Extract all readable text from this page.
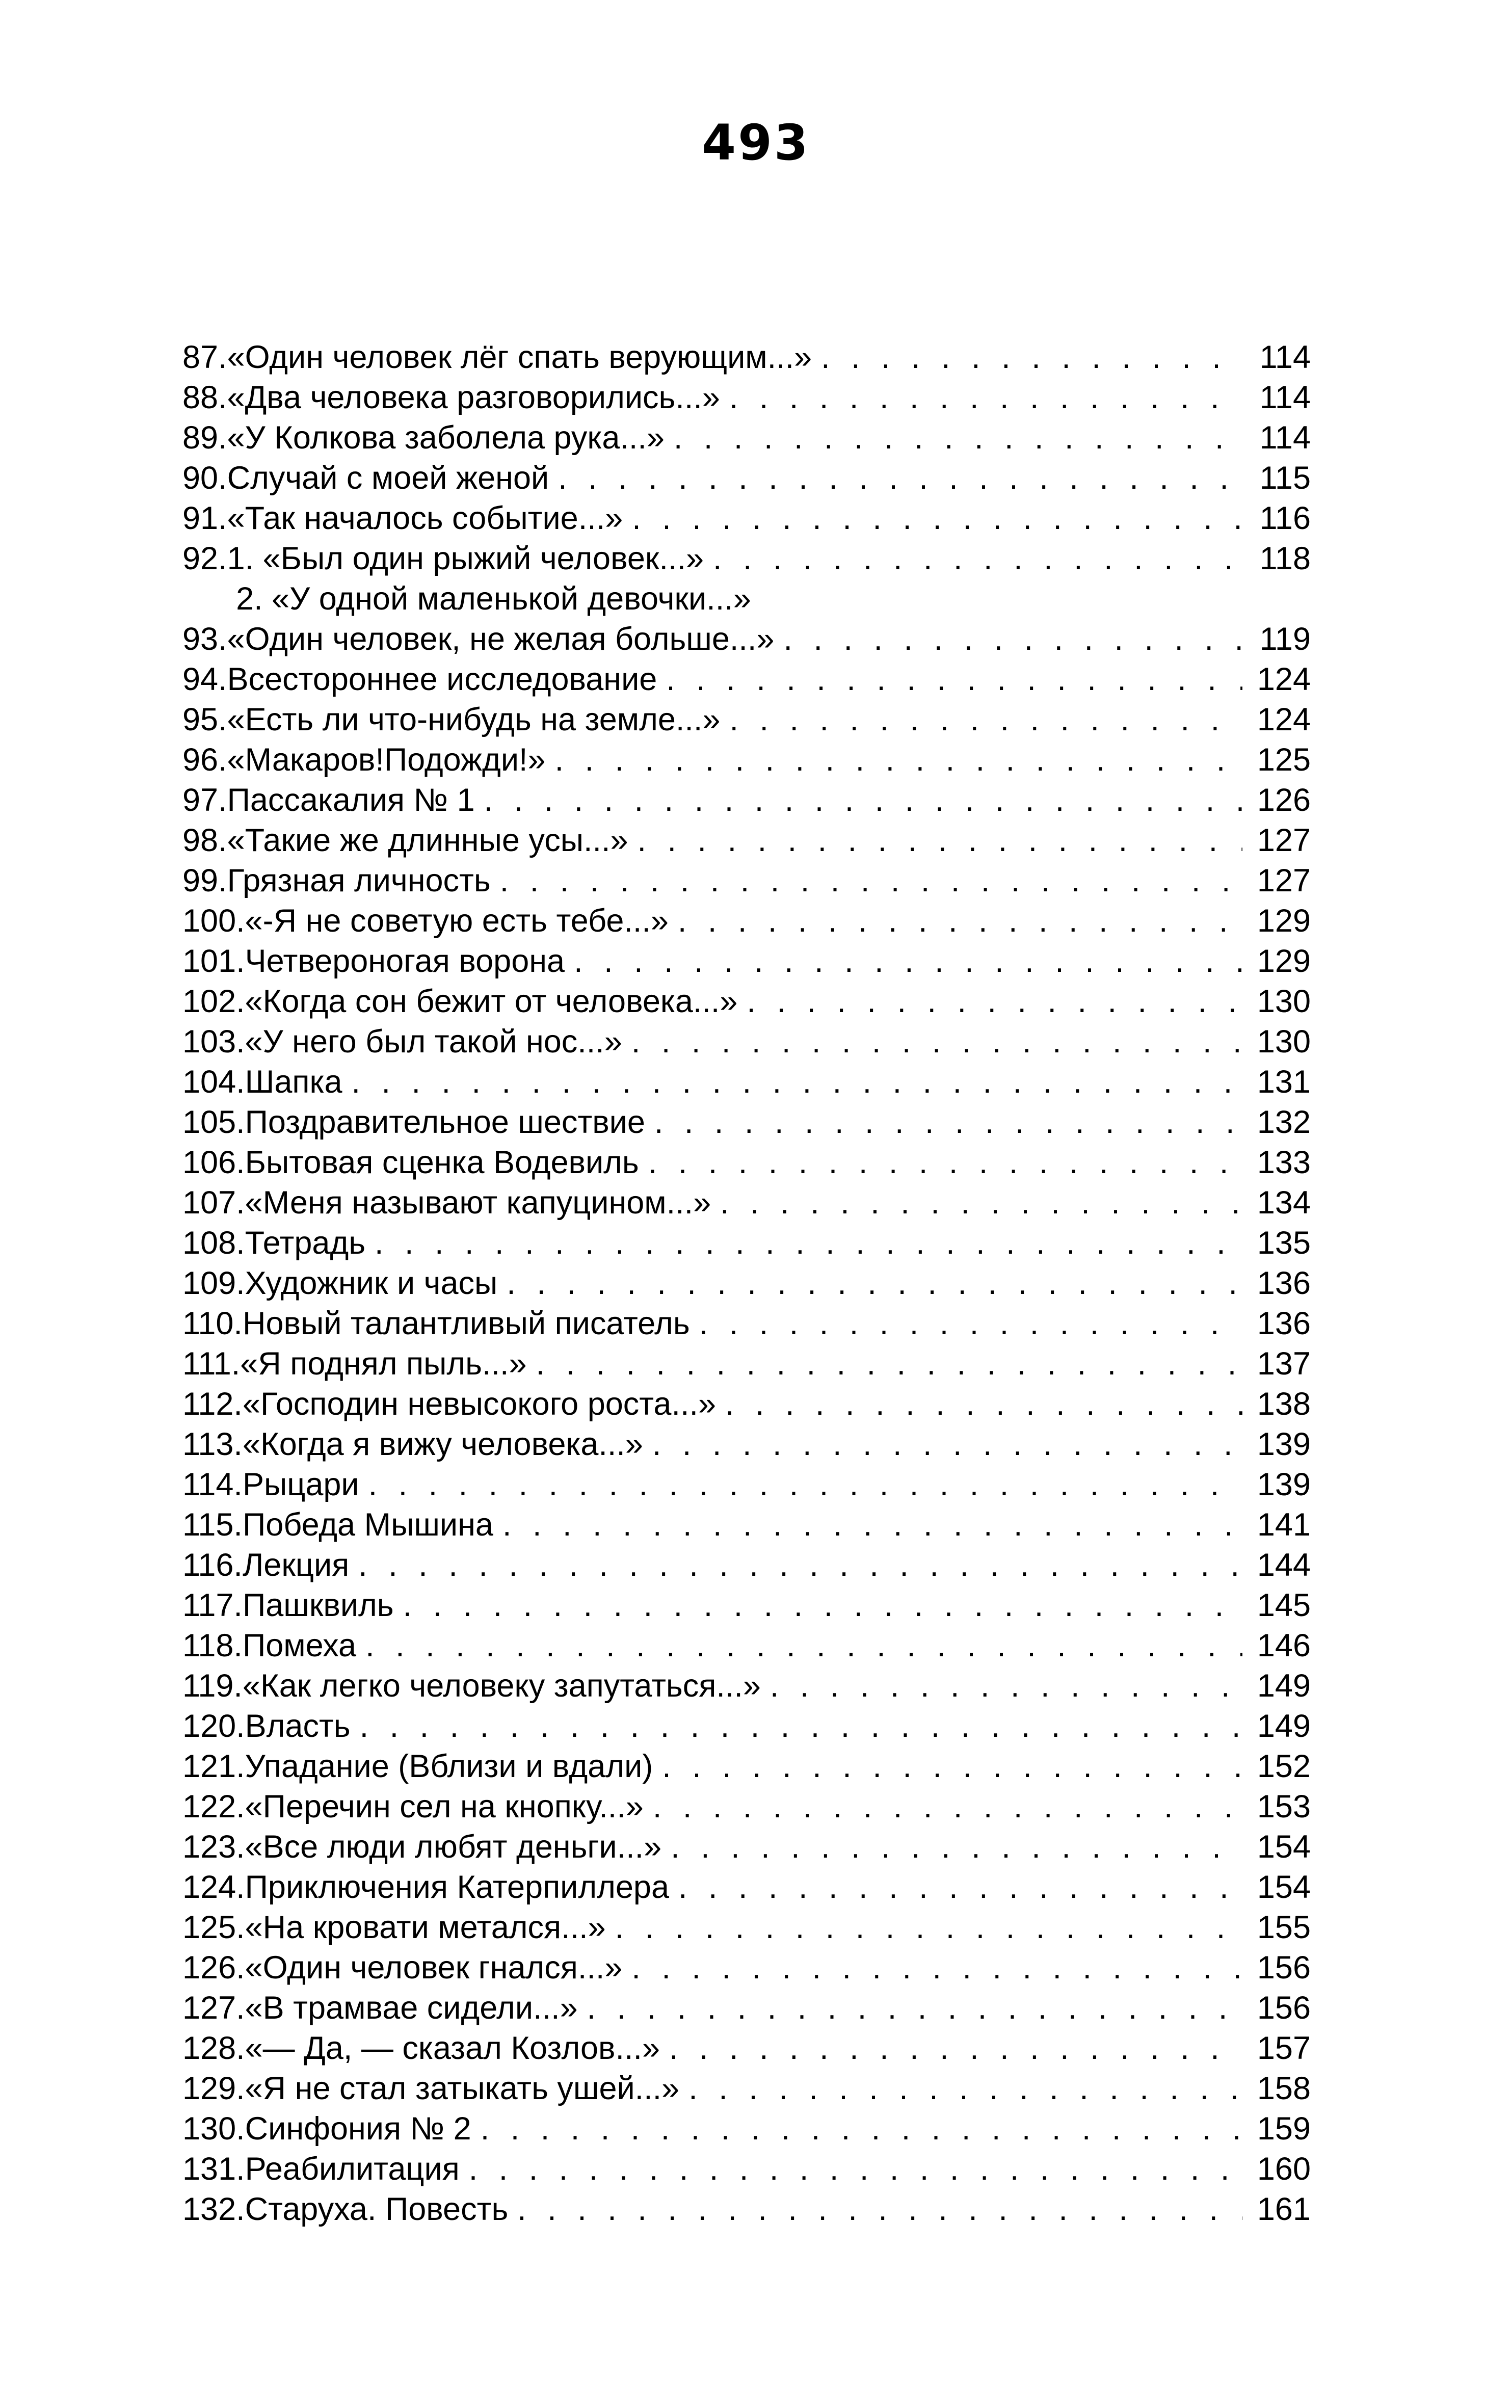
493
87. «Один человек лёг спать верующим...» . . .	114
88. «Два человека разговорились...» . . .	114
89. «У Колкова заболела рука...» . . .	114
90. Случай с моей женой . . .	115
91. «Так началось событие...» . . .	116
92. 1. «Был один рыжий человек...» . . .	118
2. «У одной маленькой девочки...»
93. «Один человек, не желая больше...» . . .	119
94. Всестороннее исследование . . .	124
95. «Есть ли что-нибудь на земле...» . . .	124
96. «Макаров!Подожди!» . . .	125
97. Пассакалия № 1 . . .	126
98. «Такие же длинные усы...» . . .	127
99. Грязная личность . . .	127
100. «-Я не советую есть тебе...» . . .	129
101. Четвероногая ворона . . .	129
102. «Когда сон бежит от человека...» . . .	130
103. «У него был такой нос...» . . .	130
104. Шапка . . .	131
105. Поздравительное шествие . . .	132
106. Бытовая сценка Водевиль . . .	133
107. «Меня называют капуцином...» . . .	134
108. Тетрадь . . .	135
109. Художник и часы . . .	136
110. Новый талантливый писатель . . .	136
111. «Я поднял пыль...» . . .	137
112. «Господин невысокого роста...» . . .	138
113. «Когда я вижу человека...» . . .	139
114. Рыцари . . .	139
115. Победа Мышина . . .	141
116. Лекция . . .	144
117. Пашквиль . . .	145
118. Помеха . . .	146
119. «Как легко человеку запутаться...» . . .	149
120. Власть . . .	149
121. Упадание (Вблизи и вдали) . . .	152
122. «Перечин сел на кнопку...» . . .	153
123. «Все люди любят деньги...» . . .	154
124. Приключения Катерпиллера . . .	154
125. «На кровати метался...» . . .	155
126. «Один человек гнался...» . . .	156
127. «В трамвае сидели...» . . .	156
128. «— Да, — сказал Козлов...» . . .	157
129. «Я не стал затыкать ушей...» . . .	158
130. Синфония № 2 . . .	159
131. Реабилитация . . .	160
132. Старуха. Повесть . . .	161
